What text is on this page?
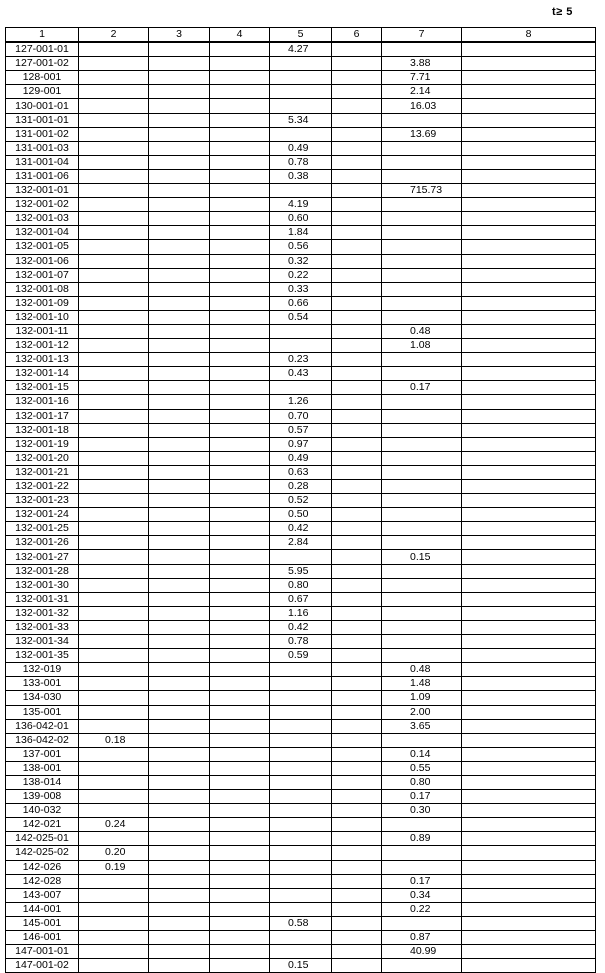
t≥ 5
1	2	3	4	5	6	7	8
127-001-01				4.27			
127-001-02						3.88	
128-001						7.71	
129-001						2.14	
130-001-01						16.03	
131-001-01				5.34			
131-001-02						13.69	
131-001-03				0.49			
131-001-04				0.78			
131-001-06				0.38			
132-001-01						715.73	
132-001-02				4.19			
132-001-03				0.60			
132-001-04				1.84			
132-001-05				0.56			
132-001-06				0.32			
132-001-07				0.22			
132-001-08				0.33			
132-001-09				0.66			
132-001-10				0.54			
132-001-11						0.48	
132-001-12						1.08	
132-001-13				0.23			
132-001-14				0.43			
132-001-15						0.17	
132-001-16				1.26			
132-001-17				0.70			
132-001-18				0.57			
132-001-19				0.97			
132-001-20				0.49			
132-001-21				0.63			
132-001-22				0.28			
132-001-23				0.52			
132-001-24				0.50			
132-001-25				0.42			
132-001-26				2.84			
132-001-27						0.15	
132-001-28				5.95			
132-001-30				0.80			
132-001-31				0.67			
132-001-32				1.16			
132-001-33				0.42			
132-001-34				0.78			
132-001-35				0.59			
132-019						0.48	
133-001						1.48	
134-030						1.09	
135-001						2.00	
136-042-01						3.65	
136-042-02	0.18						
137-001						0.14	
138-001						0.55	
138-014						0.80	
139-008						0.17	
140-032						0.30	
142-021	0.24						
142-025-01						0.89	
142-025-02	0.20						
142-026	0.19						
142-028						0.17	
143-007						0.34	
144-001						0.22	
145-001				0.58			
146-001						0.87	
147-001-01						40.99	
147-001-02				0.15			
